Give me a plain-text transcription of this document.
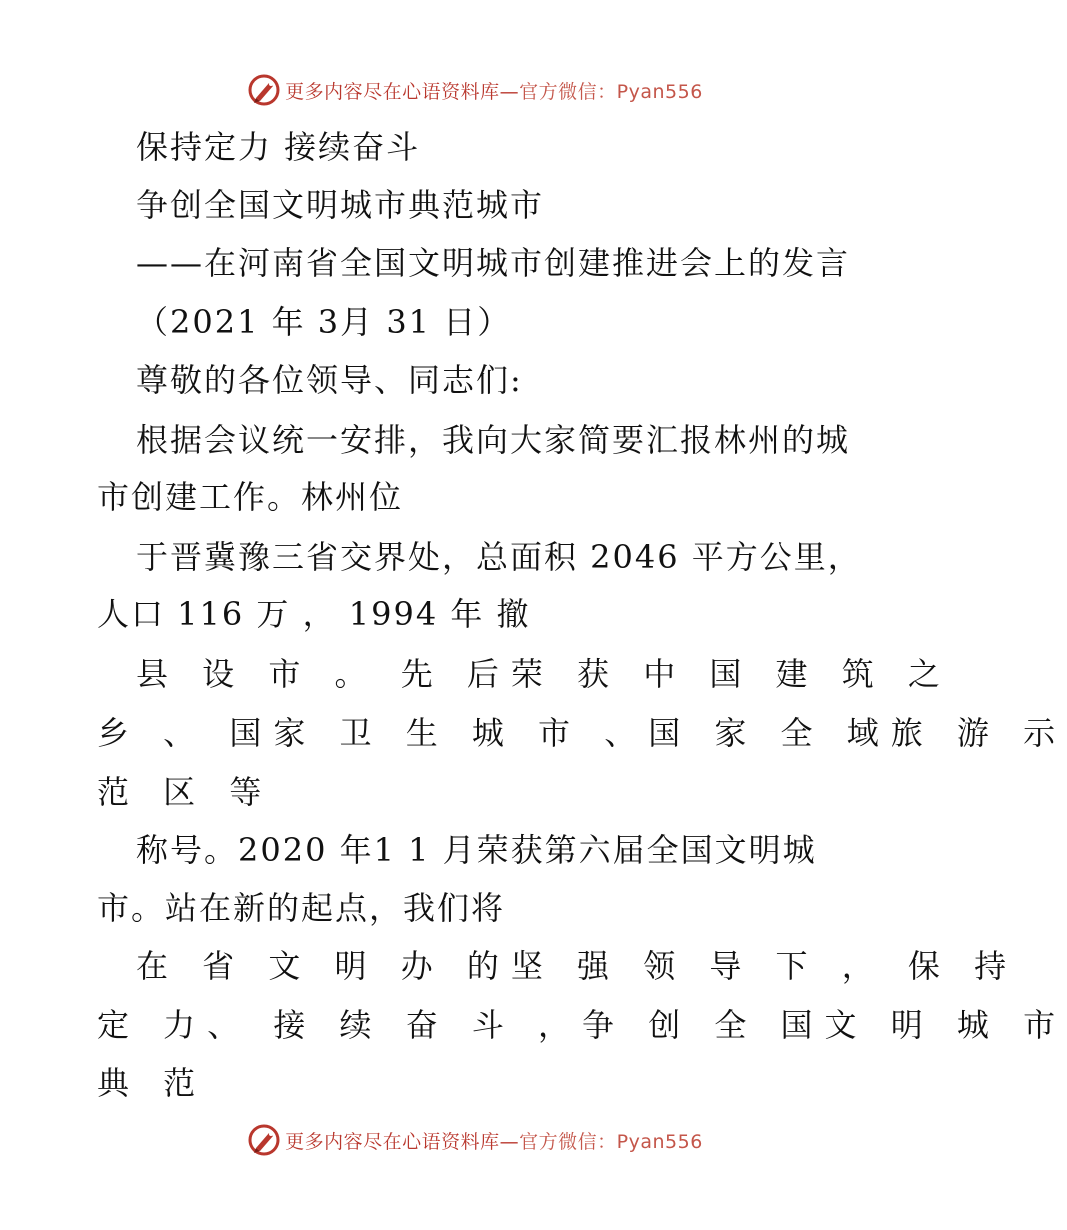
更多内容尽在心语资料库—官方微信：Pyan556
保持定力 接续奋斗
争创全国文明城市典范城市
——在河南省全国文明城市创建推进会上的发言
（2021 年 3月 31 日）
尊敬的各位领导、同志们:
根据会议统一安排，我向大家简要汇报林州的城
市创建工作。林州位
于晋冀豫三省交界处，总面积 2046 平方公里，
人口 116 万 ， 1994 年 撤
县 设 市 。 先 后荣 获 中 国 建 筑 之
乡 、 国家 卫 生 城 市 、国 家 全 域旅 游 示
范 区 等
称号。2020 年1 1 月荣获第六届全国文明城
市。站在新的起点，我们将
在 省 文 明 办 的坚 强 领 导 下 ， 保 持
定 力、 接 续 奋 斗 ，争 创 全 国文 明 城 市
典 范
更多内容尽在心语资料库—官方微信：Pyan556
